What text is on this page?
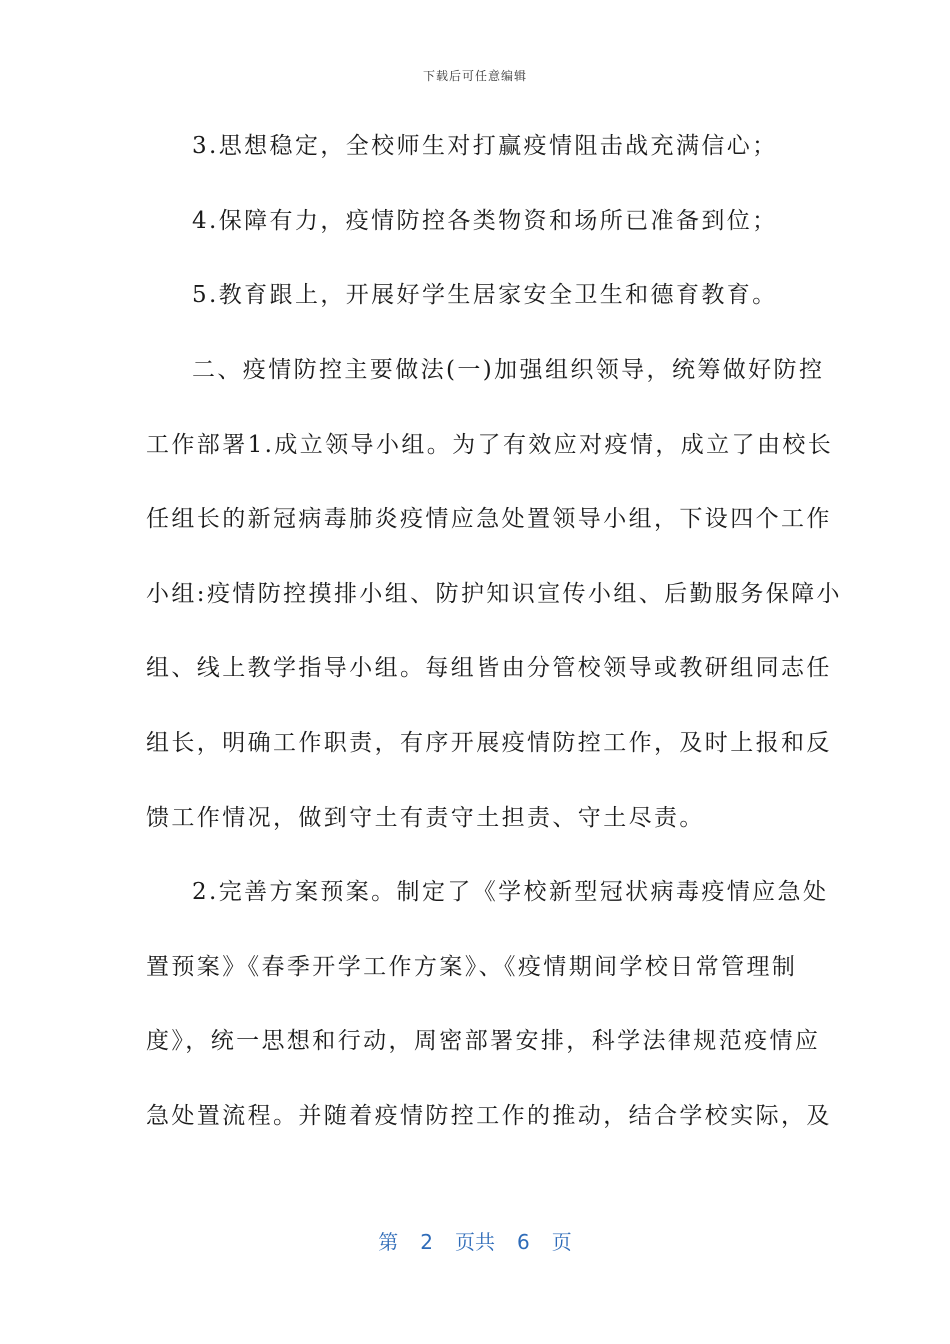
下载后可任意编辑
3.思想稳定，全校师生对打赢疫情阻击战充满信心；
4.保障有力，疫情防控各类物资和场所已准备到位；
5.教育跟上，开展好学生居家安全卫生和德育教育。
二、疫情防控主要做法(一)加强组织领导，统筹做好防控
工作部署1.成立领导小组。为了有效应对疫情，成立了由校长
任组长的新冠病毒肺炎疫情应急处置领导小组，下设四个工作
小组:疫情防控摸排小组、防护知识宣传小组、后勤服务保障小
组、线上教学指导小组。每组皆由分管校领导或教研组同志任
组长，明确工作职责，有序开展疫情防控工作，及时上报和反
馈工作情况，做到守土有责守土担责、守土尽责。
2.完善方案预案。制定了《学校新型冠状病毒疫情应急处
置预案》《春季开学工作方案》、《疫情期间学校日常管理制
度》，统一思想和行动，周密部署安排，科学法律规范疫情应
急处置流程。并随着疫情防控工作的推动，结合学校实际，及
第 2 页共 6 页
